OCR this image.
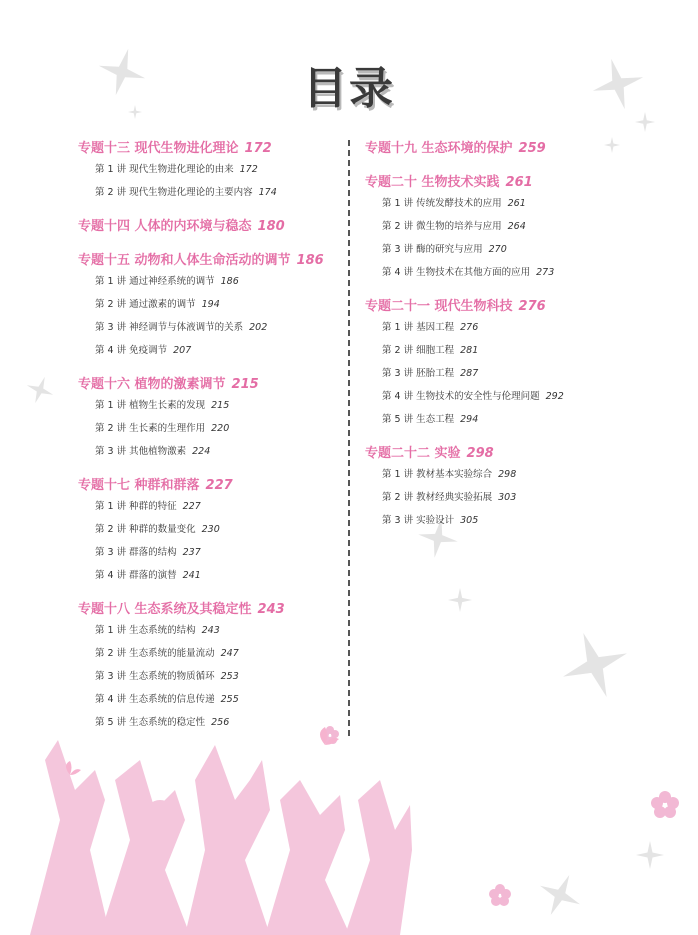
目录
专题十三 现代生物进化理论 172
第 1 讲 现代生物进化理论的由来 172
第 2 讲 现代生物进化理论的主要内容 174
专题十四 人体的内环境与稳态 180
专题十五 动物和人体生命活动的调节 186
第 1 讲 通过神经系统的调节 186
第 2 讲 通过激素的调节 194
第 3 讲 神经调节与体液调节的关系 202
第 4 讲 免疫调节 207
专题十六 植物的激素调节 215
第 1 讲 植物生长素的发现 215
第 2 讲 生长素的生理作用 220
第 3 讲 其他植物激素 224
专题十七 种群和群落 227
第 1 讲 种群的特征 227
第 2 讲 种群的数量变化 230
第 3 讲 群落的结构 237
第 4 讲 群落的演替 241
专题十八 生态系统及其稳定性 243
第 1 讲 生态系统的结构 243
第 2 讲 生态系统的能量流动 247
第 3 讲 生态系统的物质循环 253
第 4 讲 生态系统的信息传递 255
第 5 讲 生态系统的稳定性 256
专题十九 生态环境的保护 259
专题二十 生物技术实践 261
第 1 讲 传统发酵技术的应用 261
第 2 讲 微生物的培养与应用 264
第 3 讲 酶的研究与应用 270
第 4 讲 生物技术在其他方面的应用 273
专题二十一 现代生物科技 276
第 1 讲 基因工程 276
第 2 讲 细胞工程 281
第 3 讲 胚胎工程 287
第 4 讲 生物技术的安全性与伦理问题 292
第 5 讲 生态工程 294
专题二十二 实验 298
第 1 讲 教材基本实验综合 298
第 2 讲 教材经典实验拓展 303
第 3 讲 实验设计 305
